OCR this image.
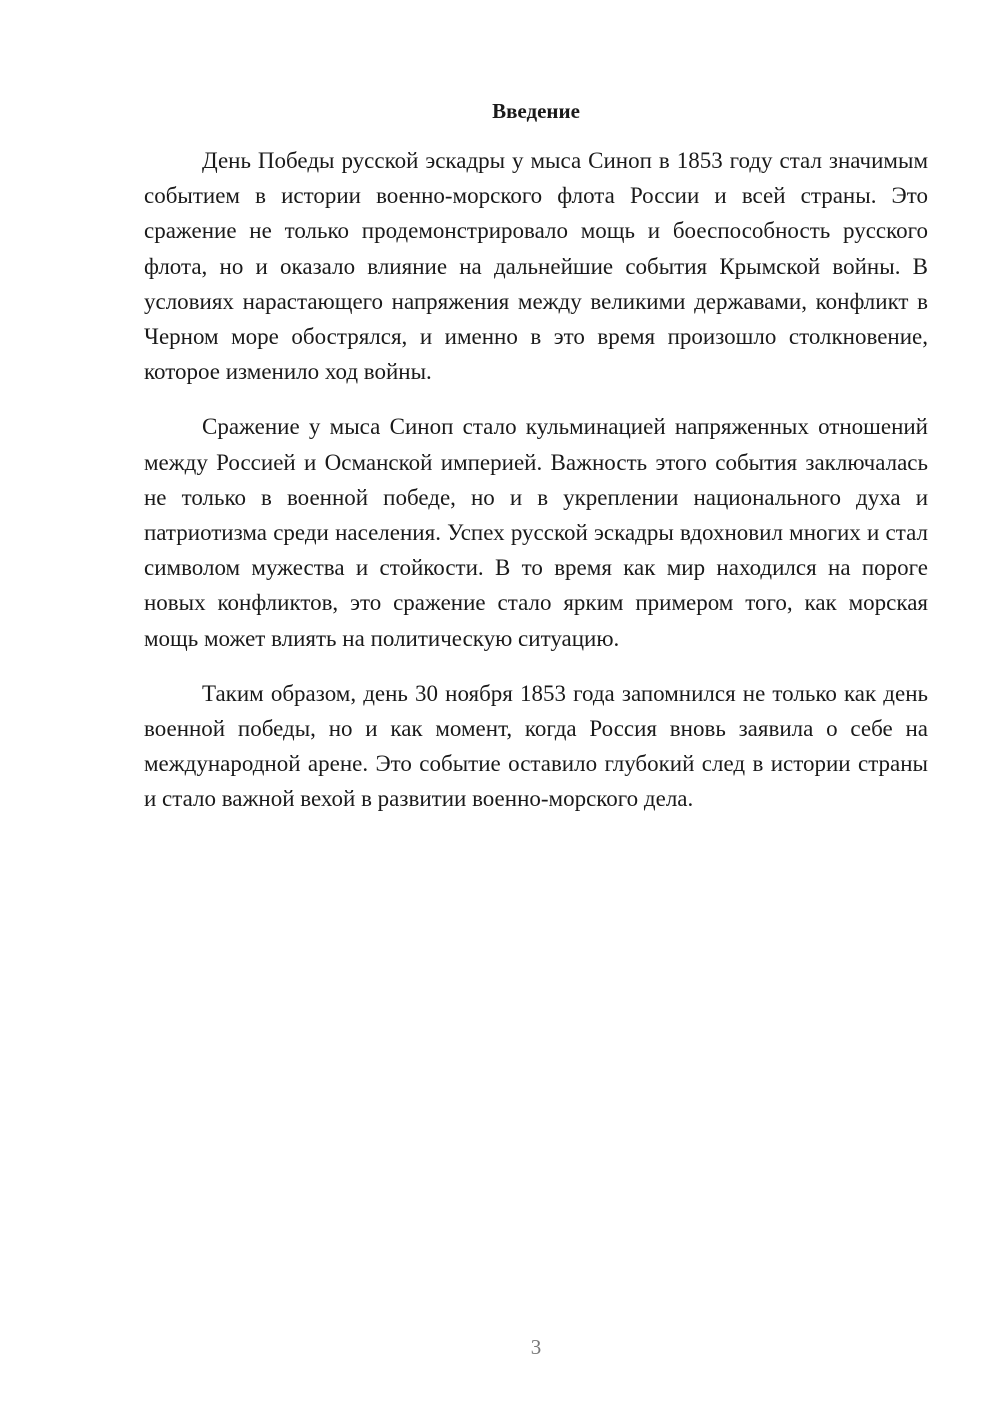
Введение

День Победы русской эскадры у мыса Синоп в 1853 году стал значимым событием в истории военно-морского флота России и всей страны. Это сражение не только продемонстрировало мощь и боеспособность русского флота, но и оказало влияние на дальнейшие события Крымской войны. В условиях нарастающего напряжения между великими державами, конфликт в Черном море обострялся, и именно в это время произошло столкновение, которое изменило ход войны.

Сражение у мыса Синоп стало кульминацией напряженных отношений между Россией и Османской империей. Важность этого события заключалась не только в военной победе, но и в укреплении национального духа и патриотизма среди населения. Успех русской эскадры вдохновил многих и стал символом мужества и стойкости. В то время как мир находился на пороге новых конфликтов, это сражение стало ярким примером того, как морская мощь может влиять на политическую ситуацию.

Таким образом, день 30 ноября 1853 года запомнился не только как день военной победы, но и как момент, когда Россия вновь заявила о себе на международной арене. Это событие оставило глубокий след в истории страны и стало важной вехой в развитии военно-морского дела.

3
